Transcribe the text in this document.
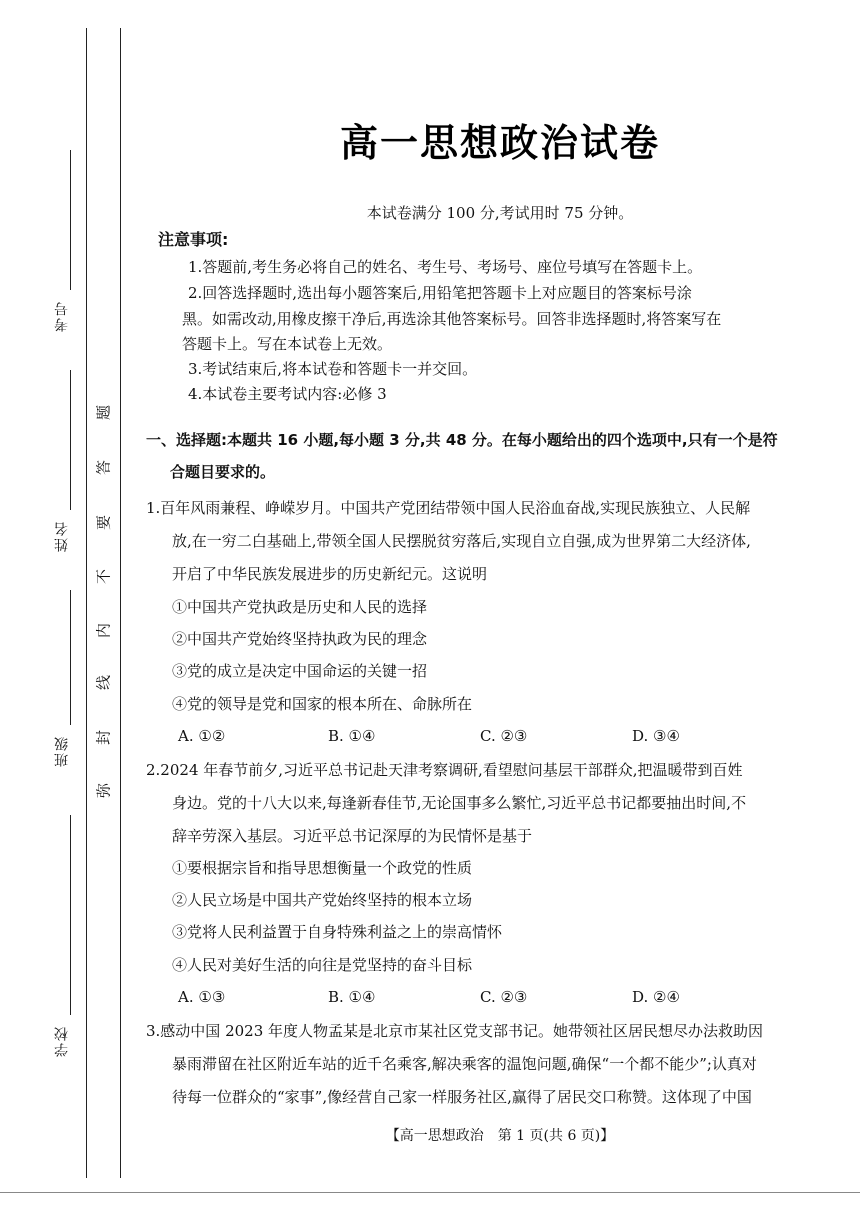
考号
姓名
班级
学校
题
答
要
不
内
线
封
弥
高一思想政治试卷
本试卷满分 100 分,考试用时 75 分钟。
注意事项:
1.答题前,考生务必将自己的姓名、考生号、考场号、座位号填写在答题卡上。
2.回答选择题时,选出每小题答案后,用铅笔把答题卡上对应题目的答案标号涂
黑。如需改动,用橡皮擦干净后,再选涂其他答案标号。回答非选择题时,将答案写在
答题卡上。写在本试卷上无效。
3.考试结束后,将本试卷和答题卡一并交回。
4.本试卷主要考试内容:必修 3
一、选择题:本题共 16 小题,每小题 3 分,共 48 分。在每小题给出的四个选项中,只有一个是符
合题目要求的。
1.百年风雨兼程、峥嵘岁月。中国共产党团结带领中国人民浴血奋战,实现民族独立、人民解
放,在一穷二白基础上,带领全国人民摆脱贫穷落后,实现自立自强,成为世界第二大经济体,
开启了中华民族发展进步的历史新纪元。这说明
①中国共产党执政是历史和人民的选择
②中国共产党始终坚持执政为民的理念
③党的成立是决定中国命运的关键一招
④党的领导是党和国家的根本所在、命脉所在
A. ①②	B. ①④	C. ②③	D. ③④
2.2024 年春节前夕,习近平总书记赴天津考察调研,看望慰问基层干部群众,把温暖带到百姓
身边。党的十八大以来,每逢新春佳节,无论国事多么繁忙,习近平总书记都要抽出时间,不
辞辛劳深入基层。习近平总书记深厚的为民情怀是基于
①要根据宗旨和指导思想衡量一个政党的性质
②人民立场是中国共产党始终坚持的根本立场
③党将人民利益置于自身特殊利益之上的崇高情怀
④人民对美好生活的向往是党坚持的奋斗目标
A. ①③	B. ①④	C. ②③	D. ②④
3.感动中国 2023 年度人物孟某是北京市某社区党支部书记。她带领社区居民想尽办法救助因
暴雨滞留在社区附近车站的近千名乘客,解决乘客的温饱问题,确保“一个都不能少”;认真对
待每一位群众的“家事”,像经营自己家一样服务社区,赢得了居民交口称赞。这体现了中国
【高一思想政治　第 1 页(共 6 页)】
